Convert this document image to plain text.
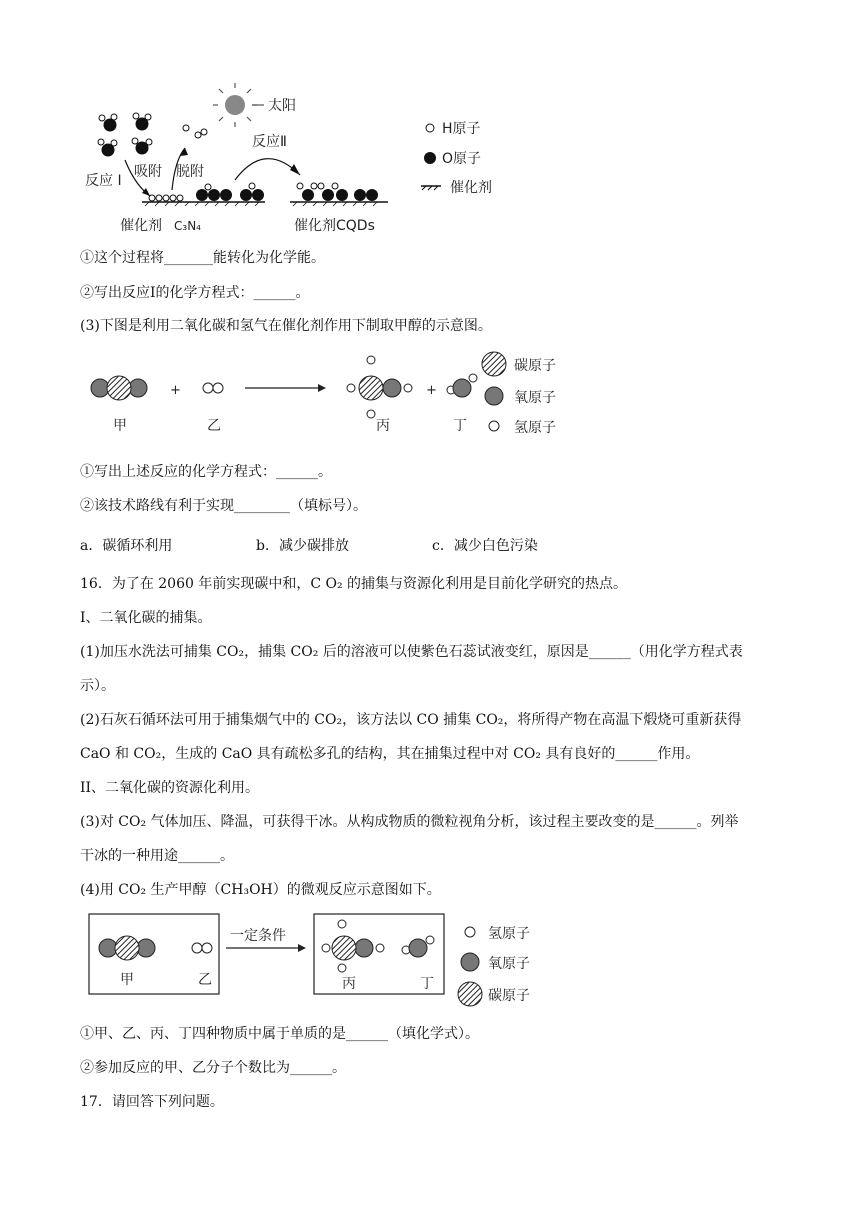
太阳
反应 I
吸附 脱附
反应Ⅱ
催化剂 C₃N₄	催化剂CQDs
H原子
O原子
催化剂
①这个过程将_______能转化为化学能。
②写出反应I的化学方程式：______。
(3)下图是利用二氧化碳和氢气在催化剂作用下制取甲醇的示意图。
+	+
甲	乙	丙	丁
碳原子
氧原子
氢原子
①写出上述反应的化学方程式：______。
②该技术路线有利于实现________（填标号）。
a．碳循环利用	b．减少碳排放	c．减少白色污染
16．为了在 2060 年前实现碳中和，C O₂ 的捕集与资源化利用是目前化学研究的热点。
I、二氧化碳的捕集。
(1)加压水洗法可捕集 CO₂，捕集 CO₂ 后的溶液可以使紫色石蕊试液变红，原因是______（用化学方程式表
示）。
(2)石灰石循环法可用于捕集烟气中的 CO₂，该方法以 CO 捕集 CO₂，将所得产物在高温下煅烧可重新获得
CaO 和 CO₂，生成的 CaO 具有疏松多孔的结构，其在捕集过程中对 CO₂ 具有良好的______作用。
II、二氧化碳的资源化利用。
(3)对 CO₂ 气体加压、降温，可获得干冰。从构成物质的微粒视角分析，该过程主要改变的是______。列举
干冰的一种用途______。
(4)用 CO₂ 生产甲醇（CH₃OH）的微观反应示意图如下。
甲	乙
一定条件
丙	丁
氢原子
氧原子
碳原子
①甲、乙、丙、丁四种物质中属于单质的是______（填化学式）。
②参加反应的甲、乙分子个数比为______。
17．请回答下列问题。
